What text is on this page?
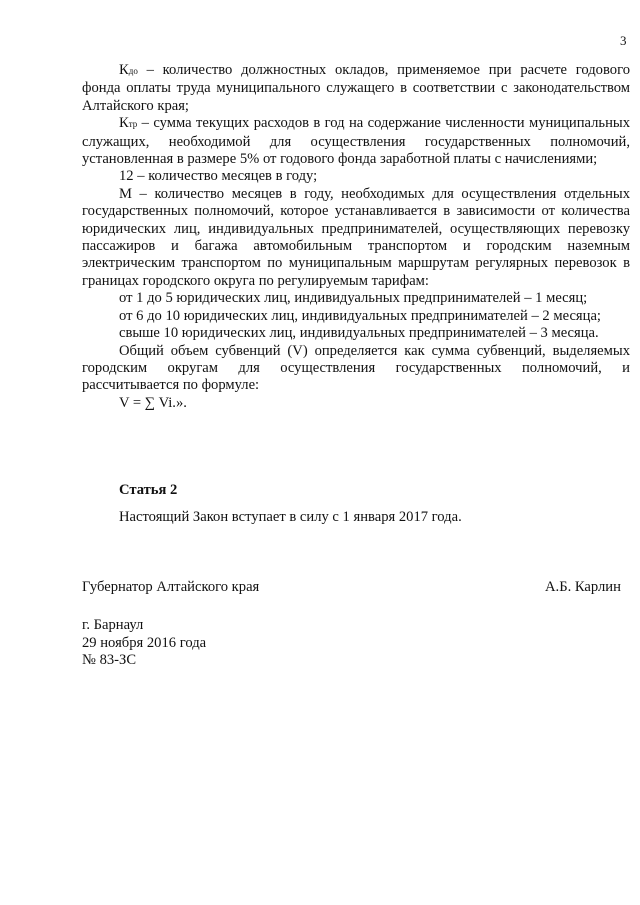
3

Кдо – количество должностных окладов, применяемое при расчете годового фонда оплаты труда муниципального служащего в соответствии с законодательством Алтайского края;

Ктр – сумма текущих расходов в год на содержание численности муниципальных служащих, необходимой для осуществления государственных полномочий, установленная в размере 5% от годового фонда заработной платы с начислениями;

12 – количество месяцев в году;

М – количество месяцев в году, необходимых для осуществления отдельных государственных полномочий, которое устанавливается в зависимости от количества юридических лиц, индивидуальных предпринимателей, осуществляющих перевозку пассажиров и багажа автомобильным транспортом и городским наземным электрическим транспортом по муниципальным маршрутам регулярных перевозок в границах городского округа по регулируемым тарифам:

от 1 до 5 юридических лиц, индивидуальных предпринимателей – 1 месяц;

от 6 до 10 юридических лиц, индивидуальных предпринимателей – 2 месяца;

свыше 10 юридических лиц, индивидуальных предпринимателей – 3 месяца.

Общий объем субвенций (V) определяется как сумма субвенций, выделяемых городским округам для осуществления государственных полномочий, и рассчитывается по формуле:

V = ∑ Vi.».

Статья 2

Настоящий Закон вступает в силу с 1 января 2017 года.

Губернатор Алтайского края	А.Б. Карлин

г. Барнаул
29 ноября 2016 года
№ 83-ЗС
